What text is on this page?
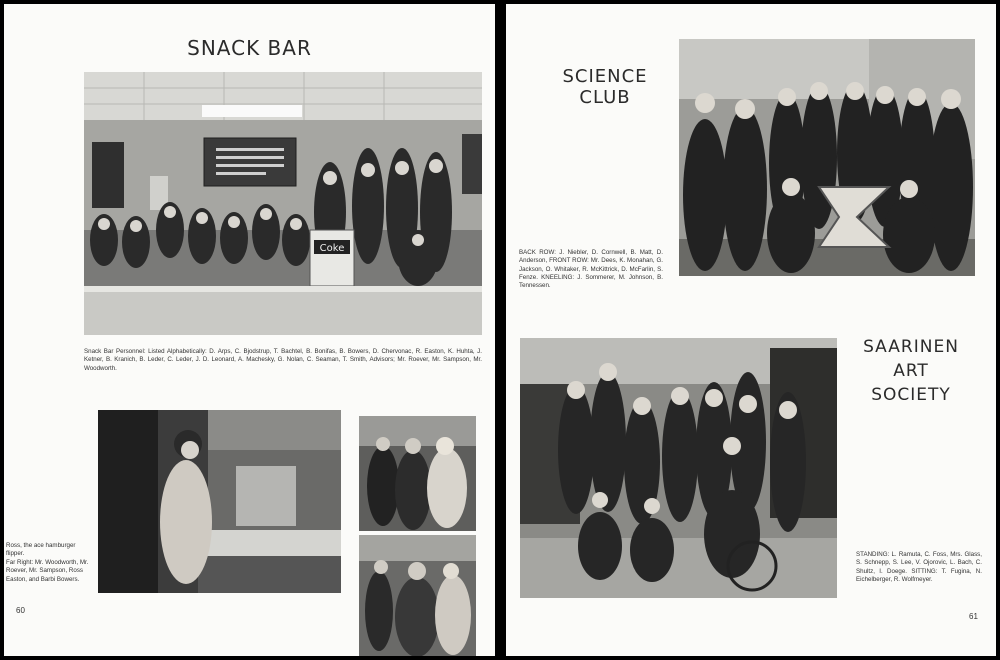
SNACK BAR
Coke

Snack Bar Personnel: Listed Alphabetically: D. Arps, C. Bjodstrup, T. Bachtel, B. Bonifas, B. Bowers, D. Chervonac, R. Easton, K. Huhta, J. Ketner, B. Kranich, B. Leder, C. Leder, J. D. Leonard, A. Macheskу, G. Nolan, C. Seaman, T. Smith, Advisors; Mr. Roever, Mr. Sampson, Mr. Woodworth.

Ross, the ace hamburger flipper.

Far Right: Mr. Woodworth, Mr. Roever, Mr. Sampson, Ross Easton, and Barbi Bowers.

60
SCIENCE
CLUB

BACK ROW: J. Niebler, D. Cornwell, B. Matt, D. Anderson, FRONT ROW: Mr. Dees, K. Monahan, G. Jackson, O. Whitaker, R. McKittrick, D. McFarlin, S. Fenze. KNEELING: J. Sommerer, M. Johnson, B. Tennessen.

SAARINEN
ART
SOCIETY

STANDING: L. Ramuta, C. Foss, Mrs. Glass, S. Schnepp, S. Lee, V. Ojorovic, L. Bach, C. Shultz, I. Doege. SITTING: T. Fugina, N. Eichelberger, R. Wolfmeyer.

61
